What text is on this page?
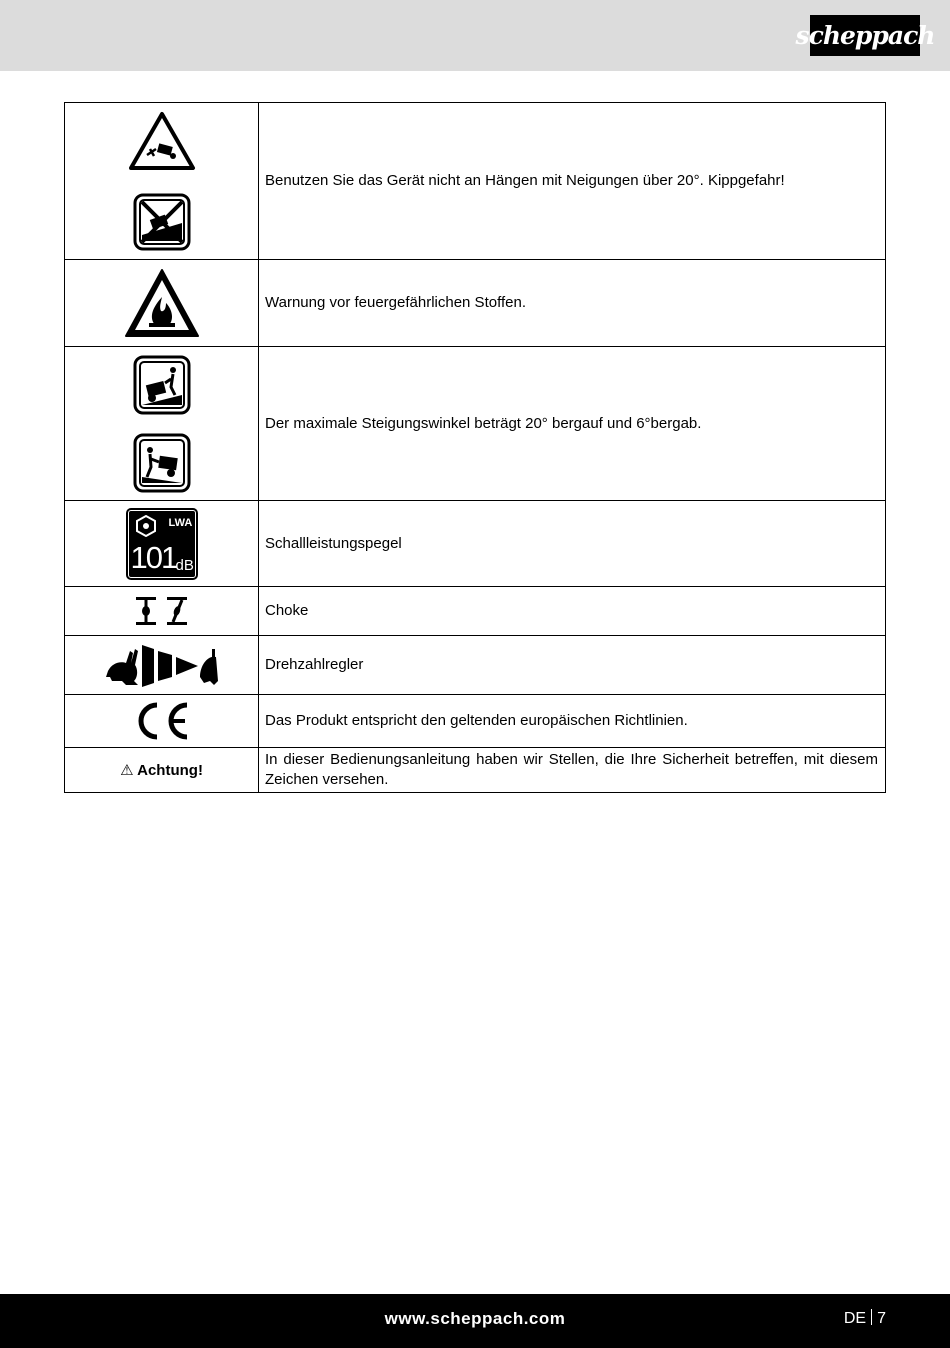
scheppach
	Benutzen Sie das Gerät nicht an Hängen mit Neigungen über 20°. Kippgefahr!

	Warnung vor feuergefährlichen Stoffen.

	Der maximale Steigungswinkel beträgt 20° bergauf und 6°bergab.

LWA
101 dB	Schallleistungspegel

	Choke

	Drehzahlregler

	Das Produkt entspricht den geltenden europäischen Richtlinien.
⚠ Achtung!	In dieser Bedienungsanleitung haben wir Stellen, die Ihre Sicherheit betreffen, mit diesem Zeichen versehen.
www.scheppach.com	DE 7
